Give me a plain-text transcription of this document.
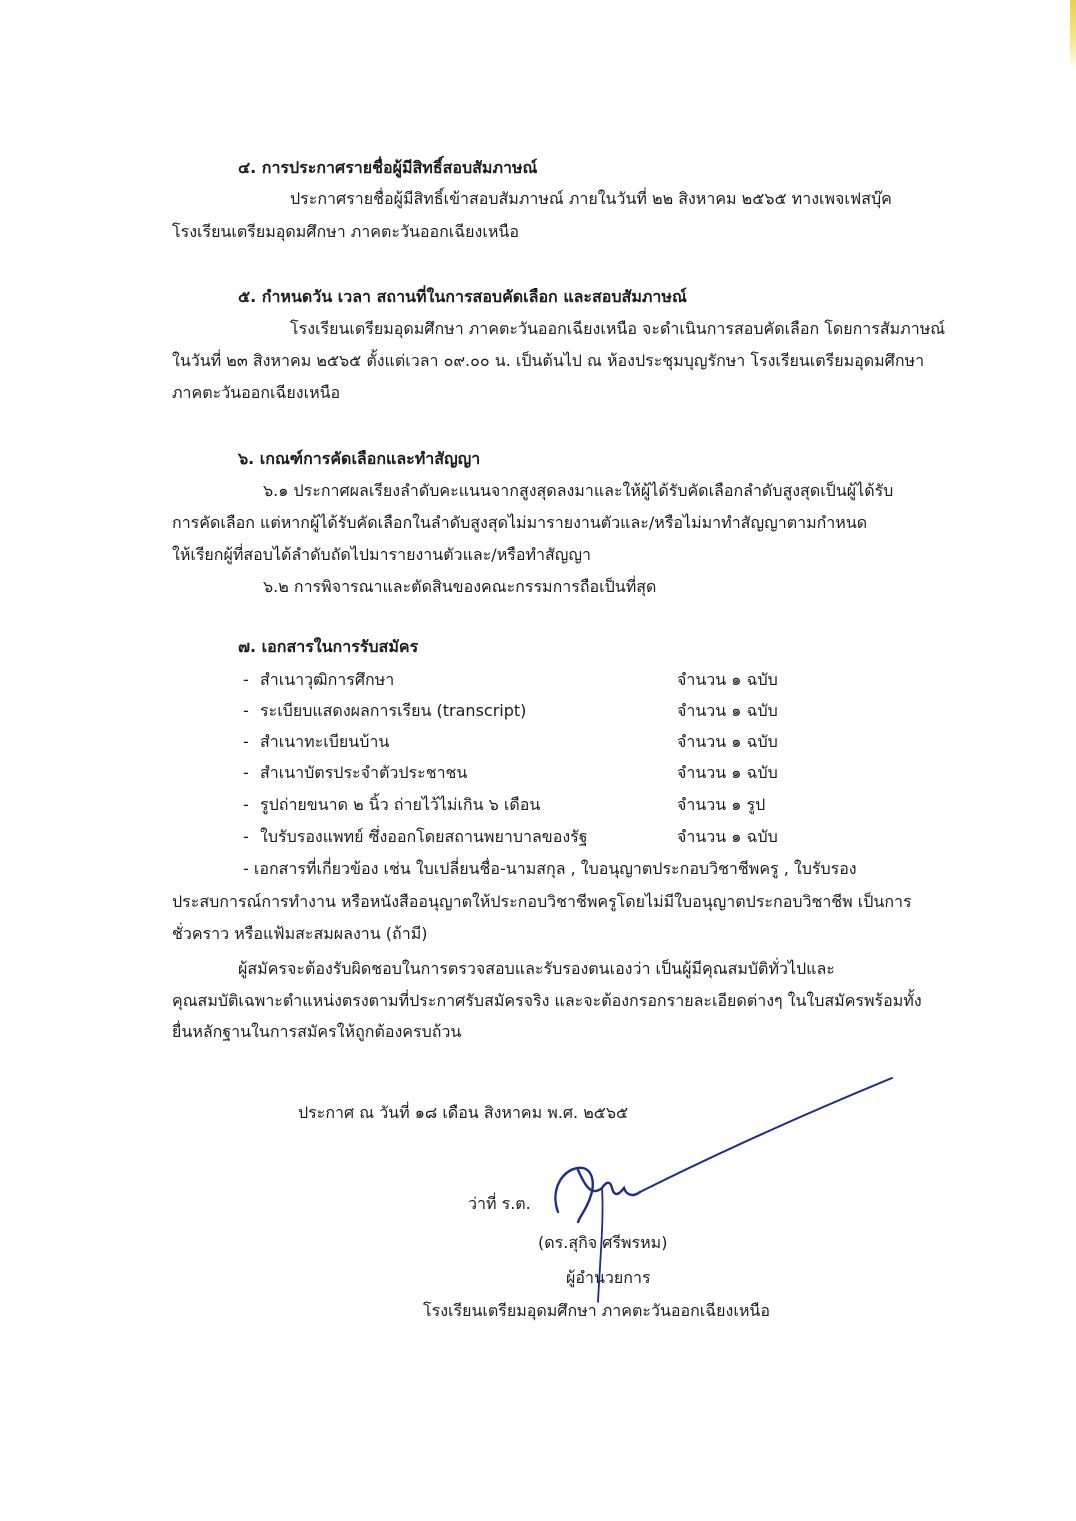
๔. การประกาศรายชื่อผู้มีสิทธิ์สอบสัมภาษณ์
ประกาศรายชื่อผู้มีสิทธิ์เข้าสอบสัมภาษณ์ ภายในวันที่ ๒๒ สิงหาคม ๒๕๖๕ ทางเพจเฟสบุ๊ค
โรงเรียนเตรียมอุดมศึกษา ภาคตะวันออกเฉียงเหนือ
๕. กำหนดวัน เวลา สถานที่ในการสอบคัดเลือก และสอบสัมภาษณ์
โรงเรียนเตรียมอุดมศึกษา ภาคตะวันออกเฉียงเหนือ จะดำเนินการสอบคัดเลือก โดยการสัมภาษณ์
ในวันที่ ๒๓ สิงหาคม ๒๕๖๕ ตั้งแต่เวลา ๐๙.๐๐ น. เป็นต้นไป ณ ห้องประชุมบุญรักษา โรงเรียนเตรียมอุดมศึกษา
ภาคตะวันออกเฉียงเหนือ
๖. เกณฑ์การคัดเลือกและทำสัญญา
๖.๑ ประกาศผลเรียงลำดับคะแนนจากสูงสุดลงมาและให้ผู้ได้รับคัดเลือกลำดับสูงสุดเป็นผู้ได้รับ
การคัดเลือก แต่หากผู้ได้รับคัดเลือกในลำดับสูงสุดไม่มารายงานตัวและ/หรือไม่มาทำสัญญาตามกำหนด
ให้เรียกผู้ที่สอบได้ลำดับถัดไปมารายงานตัวและ/หรือทำสัญญา
๖.๒ การพิจารณาและตัดสินของคณะกรรมการถือเป็นที่สุด
๗. เอกสารในการรับสมัคร
- สำเนาวุฒิการศึกษา	จำนวน ๑ ฉบับ
- ระเบียบแสดงผลการเรียน (transcript)	จำนวน ๑ ฉบับ
- สำเนาทะเบียนบ้าน	จำนวน ๑ ฉบับ
- สำเนาบัตรประจำตัวประชาชน	จำนวน ๑ ฉบับ
- รูปถ่ายขนาด ๒ นิ้ว ถ่ายไว้ไม่เกิน ๖ เดือน	จำนวน ๑ รูป
- ใบรับรองแพทย์ ซึ่งออกโดยสถานพยาบาลของรัฐ	จำนวน ๑ ฉบับ
- เอกสารที่เกี่ยวข้อง เช่น ใบเปลี่ยนชื่อ-นามสกุล , ใบอนุญาตประกอบวิชาชีพครู , ใบรับรอง
ประสบการณ์การทำงาน หรือหนังสืออนุญาตให้ประกอบวิชาชีพครูโดยไม่มีใบอนุญาตประกอบวิชาชีพ เป็นการ
ชั่วคราว หรือแฟ้มสะสมผลงาน (ถ้ามี)
ผู้สมัครจะต้องรับผิดชอบในการตรวจสอบและรับรองตนเองว่า เป็นผู้มีคุณสมบัติทั่วไปและ
คุณสมบัติเฉพาะตำแหน่งตรงตามที่ประกาศรับสมัครจริง และจะต้องกรอกรายละเอียดต่างๆ ในใบสมัครพร้อมทั้ง
ยื่นหลักฐานในการสมัครให้ถูกต้องครบถ้วน
ประกาศ ณ วันที่ ๑๘ เดือน สิงหาคม พ.ศ. ๒๕๖๕
ว่าที่ ร.ต.
(ดร.สุกิจ ศรีพรหม)
ผู้อำนวยการ
โรงเรียนเตรียมอุดมศึกษา ภาคตะวันออกเฉียงเหนือ
